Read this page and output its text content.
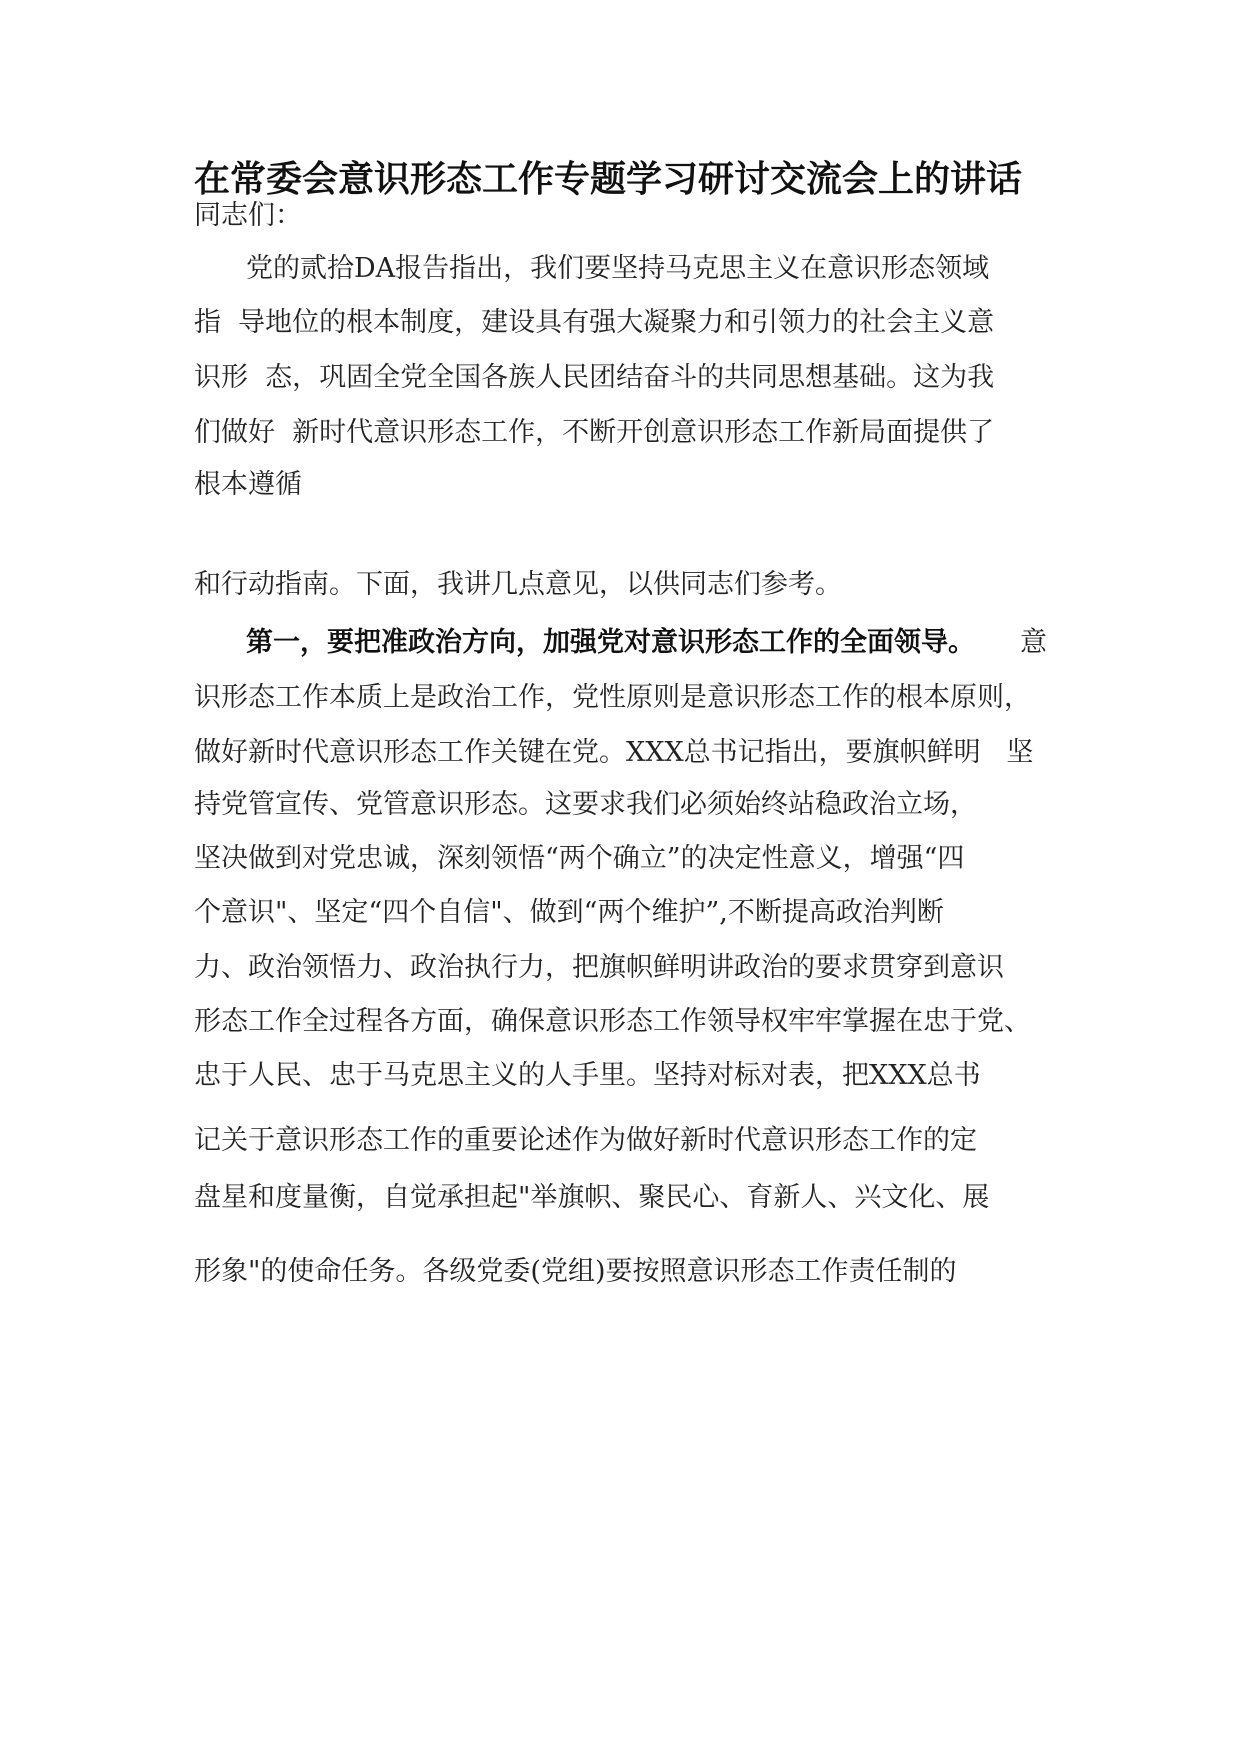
在常委会意识形态工作专题学习研讨交流会上的讲话
同志们：
党的贰拾DA报告指出，我们要坚持马克思主义在意识形态领域
指  导地位的根本制度，建设具有强大凝聚力和引领力的社会主义意
识形  态，巩固全党全国各族人民团结奋斗的共同思想基础。这为我
们做好  新时代意识形态工作，不断开创意识形态工作新局面提供了
根本遵循
和行动指南。下面，我讲几点意见，以供同志们参考。
第一，要把准政治方向，加强党对意识形态工作的全面领导。 意
识形态工作本质上是政治工作，党性原则是意识形态工作的根本原则，
做好新时代意识形态工作关键在党。XXX总书记指出，要旗帜鲜明   坚
持党管宣传、党管意识形态。这要求我们必须始终站稳政治立场，
坚决做到对党忠诚，深刻领悟“两个确立”的决定性意义，增强“四
个意识"、坚定“四个自信"、做到“两个维护”,不断提高政治判断
力、政治领悟力、政治执行力，把旗帜鲜明讲政治的要求贯穿到意识
形态工作全过程各方面，确保意识形态工作领导权牢牢掌握在忠于党、
忠于人民、忠于马克思主义的人手里。坚持对标对表，把XXX总书
记关于意识形态工作的重要论述作为做好新时代意识形态工作的定
盘星和度量衡，自觉承担起"举旗帜、聚民心、育新人、兴文化、展
形象"的使命任务。各级党委(党组)要按照意识形态工作责任制的
